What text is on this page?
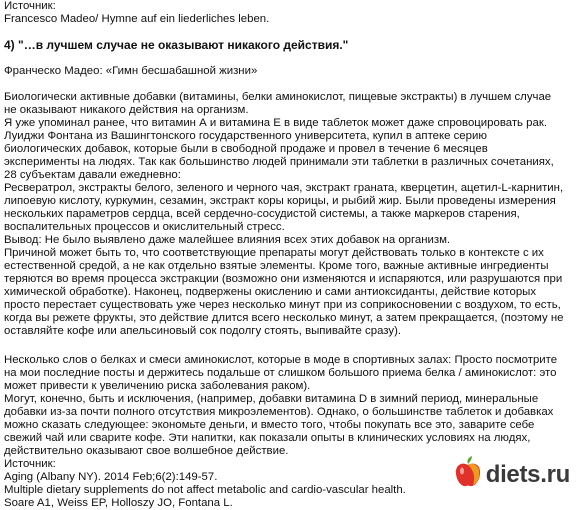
Источник:
Francesco Madeo/ Hymne auf ein liederliches leben.
4) "…в лучшем случае не оказывают никакого действия."
Франческо Мадео: «Гимн бесшабашной жизни»
Биологически активные добавки (витамины, белки аминокислот, пищевые экстракты) в лучшем случае
не оказывают никакого действия на организм.
Я уже упоминал ранее, что витамин А и витамина Е в виде таблеток может даже спровоцировать рак.
Луиджи Фонтана из Вашингтонского государственного университета, купил в аптеке серию
биологических добавок, которые были в свободной продаже и провел в течение 6 месяцев
эксперименты на людях. Так как большинство людей принимали эти таблетки в различных сочетаниях,
28 субъектам давали ежедневно:
Ресвератрол, экстракты белого, зеленого и черного чая, экстракт граната, кверцетин, ацетил-L-карнитин,
липоевую кислоту, куркумин, сезамин, экстракт коры корицы, и рыбий жир. Были проведены измерения
нескольких параметров сердца, всей сердечно-сосудистой системы, а также маркеров старения,
воспалительных процессов и окислительный стресс.
Вывод: Не было выявлено даже малейшее влияния всех этих добавок на организм.
Причиной может быть то, что соответствующие препараты могут действовать только в контексте с их
естественной средой, а не как отдельно взятые элементы. Кроме того, важные активные ингредиенты
теряются во время процесса экстракции (возможно они изменяются и испаряются, или разрушаются при
химической обработке). Наконец, подвержены окислению и сами антиоксиданты, действие которых
просто перестает существовать уже через несколько минут при из соприкосновении с воздухом, то есть,
когда вы режете фрукты, это действие длится всего несколько минут, а затем прекращается, (поэтому не
оставляйте кофе или апельсиновый сок подолгу стоять, выпивайте сразу).
Несколько слов о белках и смеси аминокислот, которые в моде в спортивных залах: Просто посмотрите
на мои последние посты и держитесь подальше от слишком большого приема белка / аминокислот: это
может привести к увеличению риска заболевания раком).
Могут, конечно, быть и исключения, (например, добавки витамина D в зимний период, минеральные
добавки из-за почти полного отсутствия микроэлементов). Однако, о большинстве таблеток и добавках
можно сказать следующее: экономьте деньги, и вместо того, чтобы покупать все это, заварите себе
свежий чай или сварите кофе. Эти напитки, как показали опыты в клинических условиях на людях,
действительно оказывают свое волшебное действие.
Источник:
Aging (Albany NY). 2014 Feb;6(2):149-57.
Multiple dietary supplements do not affect metabolic and cardio-vascular health.
Soare A1, Weiss EP, Holloszy JO, Fontana L.
diets.ru
